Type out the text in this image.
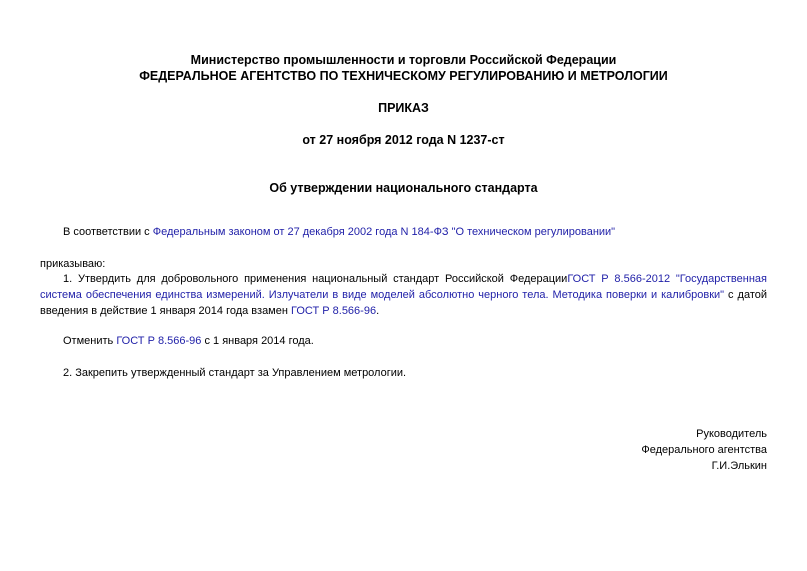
Министерство промышленности и торговли Российской Федерации
ФЕДЕРАЛЬНОЕ АГЕНТСТВО ПО ТЕХНИЧЕСКОМУ РЕГУЛИРОВАНИЮ И МЕТРОЛОГИИ
ПРИКАЗ
от 27 ноября 2012 года N 1237-ст
Об утверждении национального стандарта
В соответствии с Федеральным законом от 27 декабря 2002 года N 184-ФЗ "О техническом регулировании"
приказываю:
1. Утвердить для добровольного применения национальный стандарт Российской ФедерацииГОСТ Р 8.566-2012 "Государственная
система обеспечения единства измерений. Излучатели в виде моделей абсолютно черного тела. Методика поверки и калибровки" с датой
введения в действие 1 января 2014 года взамен ГОСТ Р 8.566-96.
Отменить ГОСТ Р 8.566-96 с 1 января 2014 года.
2. Закрепить утвержденный стандарт за Управлением метрологии.
Руководитель
Федерального агентства
Г.И.Элькин
